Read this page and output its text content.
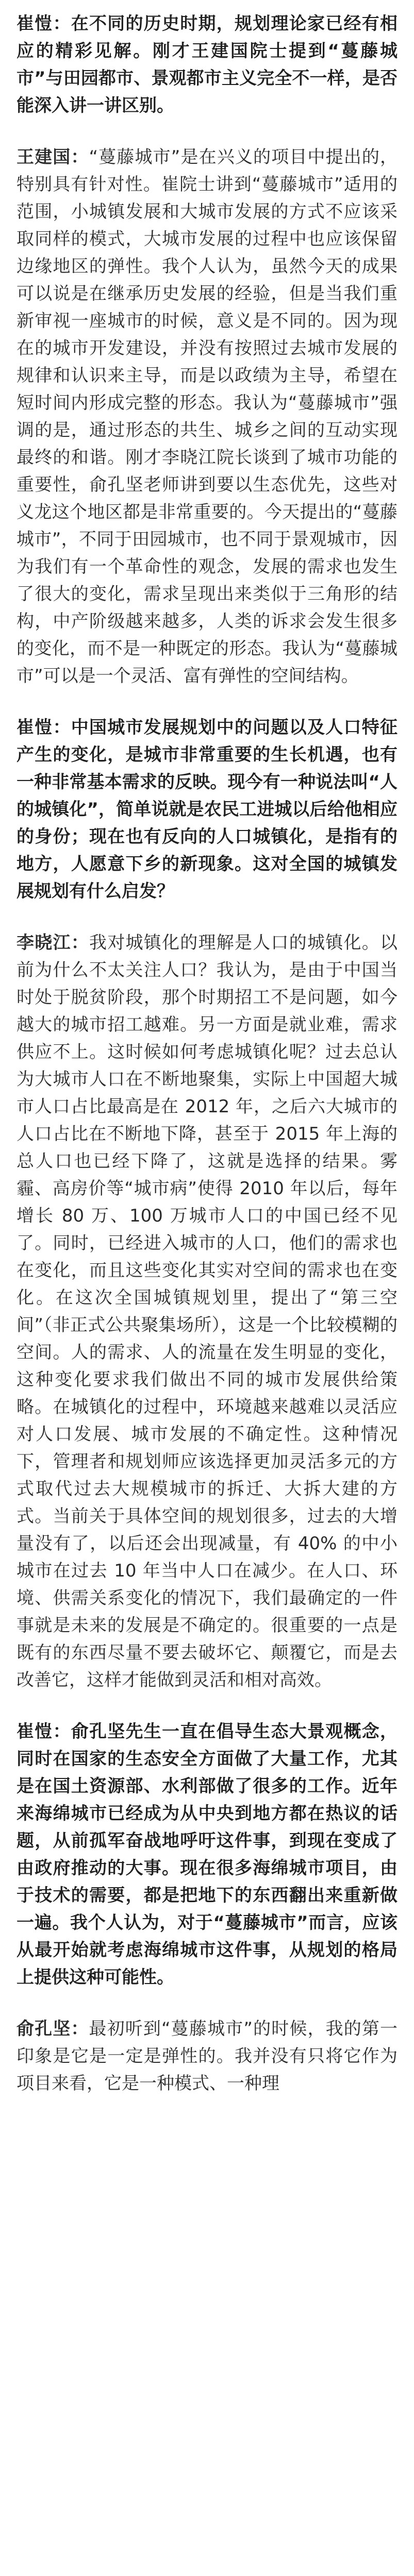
崔愷：在不同的历史时期，规划理论家已经有相应的精彩见解。刚才王建国院士提到“蔓藤城市”与田园都市、景观都市主义完全不一样，是否能深入讲一讲区别。

王建国：“蔓藤城市”是在兴义的项目中提出的，特别具有针对性。崔院士讲到“蔓藤城市”适用的范围，小城镇发展和大城市发展的方式不应该采取同样的模式，大城市发展的过程中也应该保留边缘地区的弹性。我个人认为，虽然今天的成果可以说是在继承历史发展的经验，但是当我们重新审视一座城市的时候，意义是不同的。因为现在的城市开发建设，并没有按照过去城市发展的规律和认识来主导，而是以政绩为主导，希望在短时间内形成完整的形态。我认为“蔓藤城市”强调的是，通过形态的共生、城乡之间的互动实现最终的和谐。刚才李晓江院长谈到了城市功能的重要性，俞孔坚老师讲到要以生态优先，这些对义龙这个地区都是非常重要的。今天提出的“蔓藤城市”，不同于田园城市，也不同于景观城市，因为我们有一个革命性的观念，发展的需求也发生了很大的变化，需求呈现出来类似于三角形的结构，中产阶级越来越多，人类的诉求会发生很多的变化，而不是一种既定的形态。我认为“蔓藤城市”可以是一个灵活、富有弹性的空间结构。

崔愷：中国城市发展规划中的问题以及人口特征产生的变化，是城市非常重要的生长机遇，也有一种非常基本需求的反映。现今有一种说法叫“人的城镇化”，简单说就是农民工进城以后给他相应的身份；现在也有反向的人口城镇化，是指有的地方，人愿意下乡的新现象。这对全国的城镇发展规划有什么启发？

李晓江：我对城镇化的理解是人口的城镇化。以前为什么不太关注人口？我认为，是由于中国当时处于脱贫阶段，那个时期招工不是问题，如今越大的城市招工越难。另一方面是就业难，需求供应不上。这时候如何考虑城镇化呢？过去总认为大城市人口在不断地聚集，实际上中国超大城市人口占比最高是在 2012 年，之后六大城市的人口占比在不断地下降，甚至于 2015 年上海的总人口也已经下降了，这就是选择的结果。雾霾、高房价等“城市病”使得 2010 年以后，每年增长 80 万、100 万城市人口的中国已经不见了。同时，已经进入城市的人口，他们的需求也在变化，而且这些变化其实对空间的需求也在变化。在这次全国城镇规划里，提出了“第三空间”（非正式公共聚集场所），这是一个比较模糊的空间。人的需求、人的流量在发生明显的变化，这种变化要求我们做出不同的城市发展供给策略。在城镇化的过程中，环境越来越难以灵活应对人口发展、城市发展的不确定性。这种情况下，管理者和规划师应该选择更加灵活多元的方式取代过去大规模城市的拆迁、大拆大建的方式。当前关于具体空间的规划很多，过去的大增量没有了，以后还会出现减量，有 40% 的中小城市在过去 10 年当中人口在减少。在人口、环境、供需关系变化的情况下，我们最确定的一件事就是未来的发展是不确定的。很重要的一点是既有的东西尽量不要去破坏它、颠覆它，而是去改善它，这样才能做到灵活和相对高效。

崔愷：俞孔坚先生一直在倡导生态大景观概念，同时在国家的生态安全方面做了大量工作，尤其是在国土资源部、水利部做了很多的工作。近年来海绵城市已经成为从中央到地方都在热议的话题，从前孤军奋战地呼吁这件事，到现在变成了由政府推动的大事。现在很多海绵城市项目，由于技术的需要，都是把地下的东西翻出来重新做一遍。我个人认为，对于“蔓藤城市”而言，应该从最开始就考虑海绵城市这件事，从规划的格局上提供这种可能性。

俞孔坚：最初听到“蔓藤城市”的时候，我的第一印象是它是一定是弹性的。我并没有只将它作为项目来看，它是一种模式、一种理
